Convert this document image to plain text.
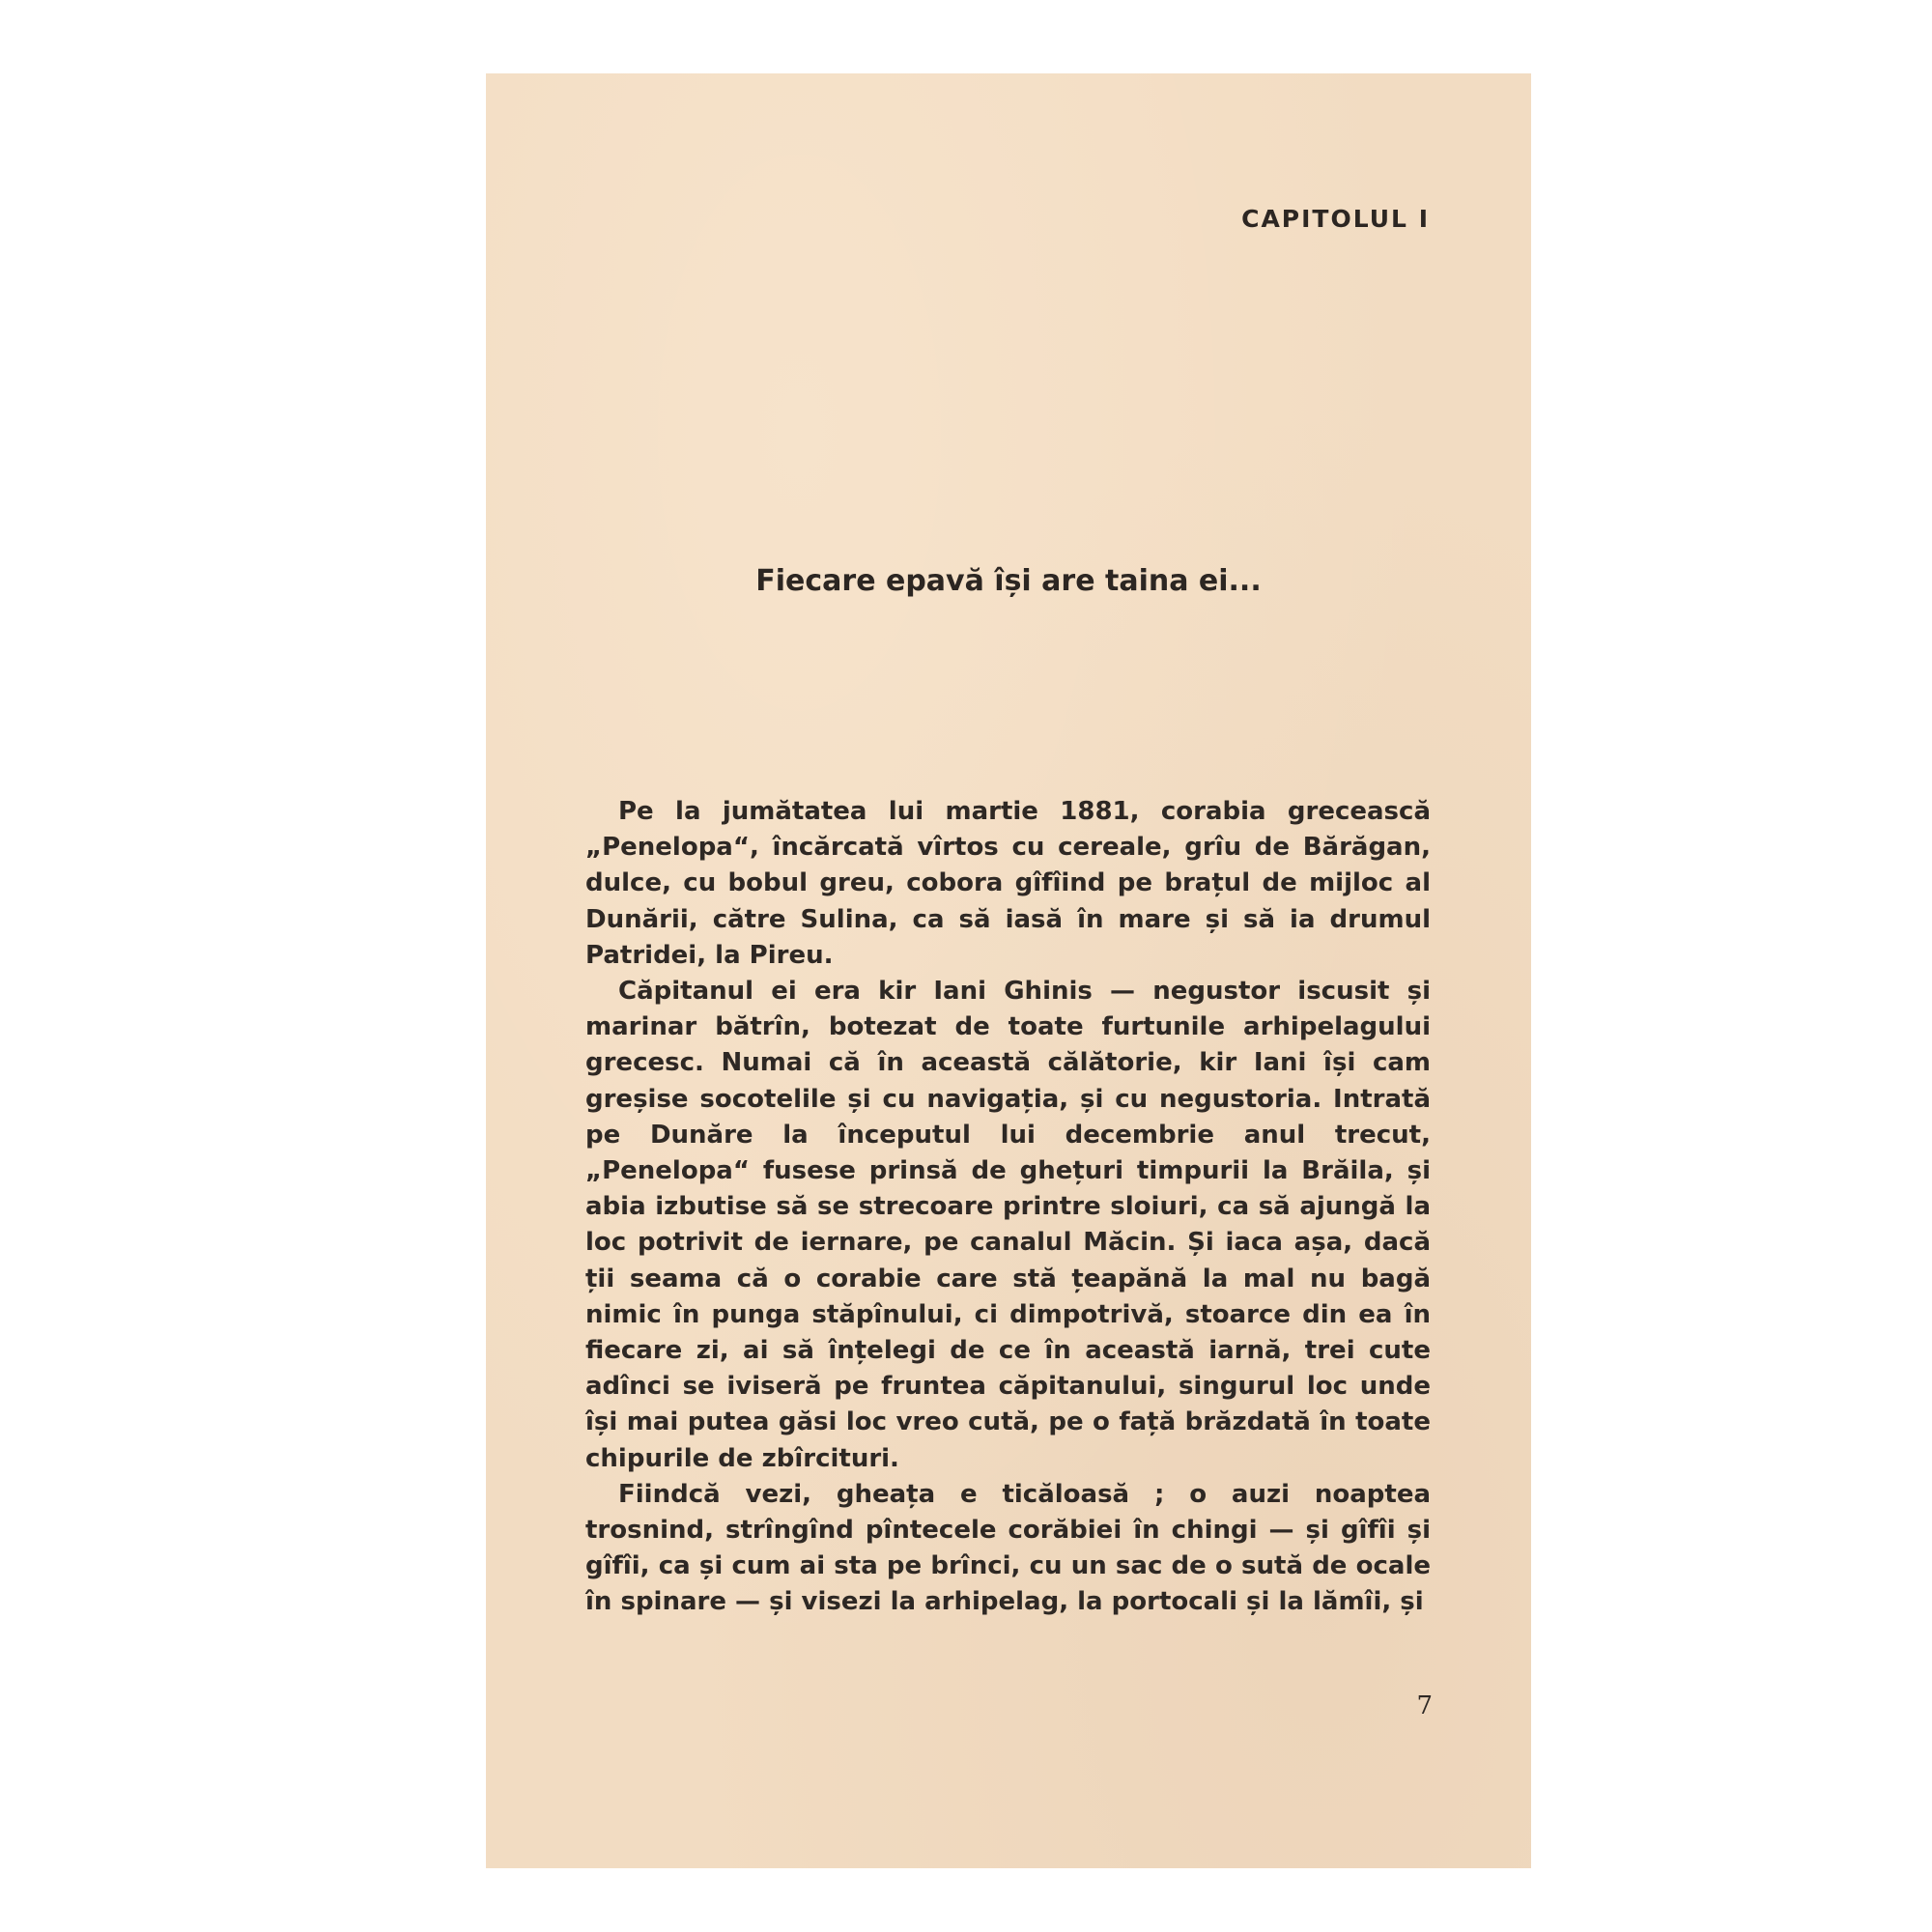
CAPITOLUL I
Fiecare epavă își are taina ei...

Pe la jumătatea lui martie 1881, corabia grecească „Penelopa“, încărcată vîrtos cu cereale, grîu de Bărăgan, dulce, cu bobul greu, cobora gîfîind pe brațul de mijloc al Dunării, către Sulina, ca să iasă în mare și să ia drumul Patridei, la Pireu.

Căpitanul ei era kir Iani Ghinis — negustor iscusit și marinar bătrîn, botezat de toate furtunile arhipelagului grecesc. Numai că în această călătorie, kir Iani își cam greșise socotelile și cu navigația, și cu negustoria. Intrată pe Dunăre la începutul lui decembrie anul trecut, „Penelopa“ fusese prinsă de ghețuri timpurii la Brăila, și abia izbutise să se strecoare printre sloiuri, ca să ajungă la loc potrivit de iernare, pe canalul Măcin. Și iaca așa, dacă ții seama că o corabie care stă țeapănă la mal nu bagă nimic în punga stăpînului, ci dimpotrivă, stoarce din ea în fiecare zi, ai să înțelegi de ce în această iarnă, trei cute adînci se iviseră pe fruntea căpitanului, singurul loc unde își mai putea găsi loc vreo cută, pe o față brăzdată în toate chipurile de zbîrcituri.

Fiindcă vezi, gheața e ticăloasă ; o auzi noaptea trosnind, strîngînd pîntecele corăbiei în chingi — și gîfîi și gîfîi, ca și cum ai sta pe brînci, cu un sac de o sută de ocale în spinare — și visezi la arhipelag, la portocali și la lămîi, și

7
